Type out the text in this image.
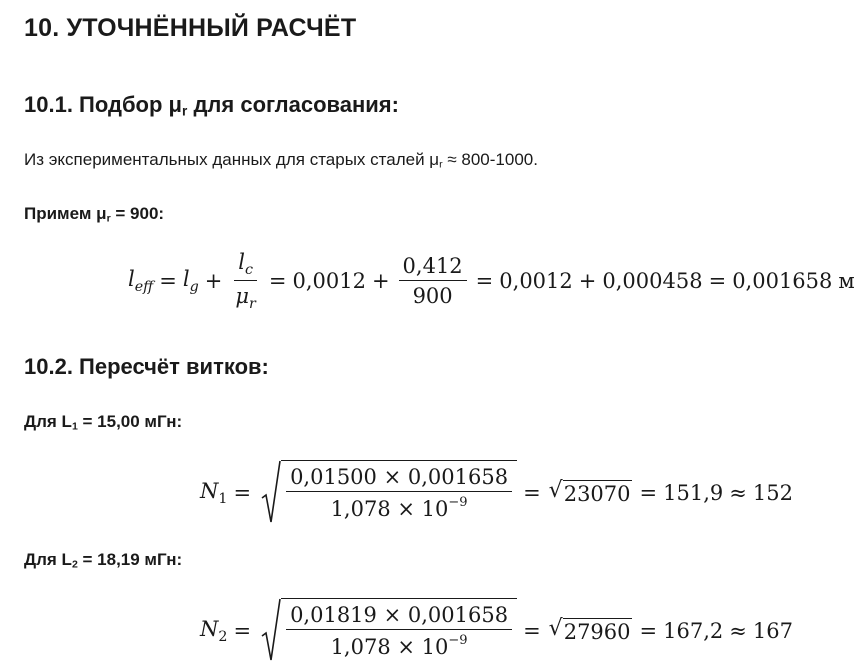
10. УТОЧНЁННЫЙ РАСЧЁТ
10.1. Подбор μr для согласования:
Из экспериментальных данных для старых сталей μr ≈ 800-1000.
Примем μr = 900:
$l_{eff} = l_g + \frac{l_c}{\mu_r} = 0,0012 + \frac{0,412}{900} = 0,0012 + 0,000458 = 0,001658$ м
10.2. Пересчёт витков:
Для L1 = 15,00 мГн:
$N_1 = \frac{0,01500 \times 0,001658}{1,078 \times 10^{-9}}$ = √ 23070 = 151,9 ≈ 152
Для L2 = 18,19 мГн:
$N_2 = \frac{0,01819 \times 0,001658}{1,078 \times 10^{-9}}$ = √ 27960 = 167,2 ≈ 167
